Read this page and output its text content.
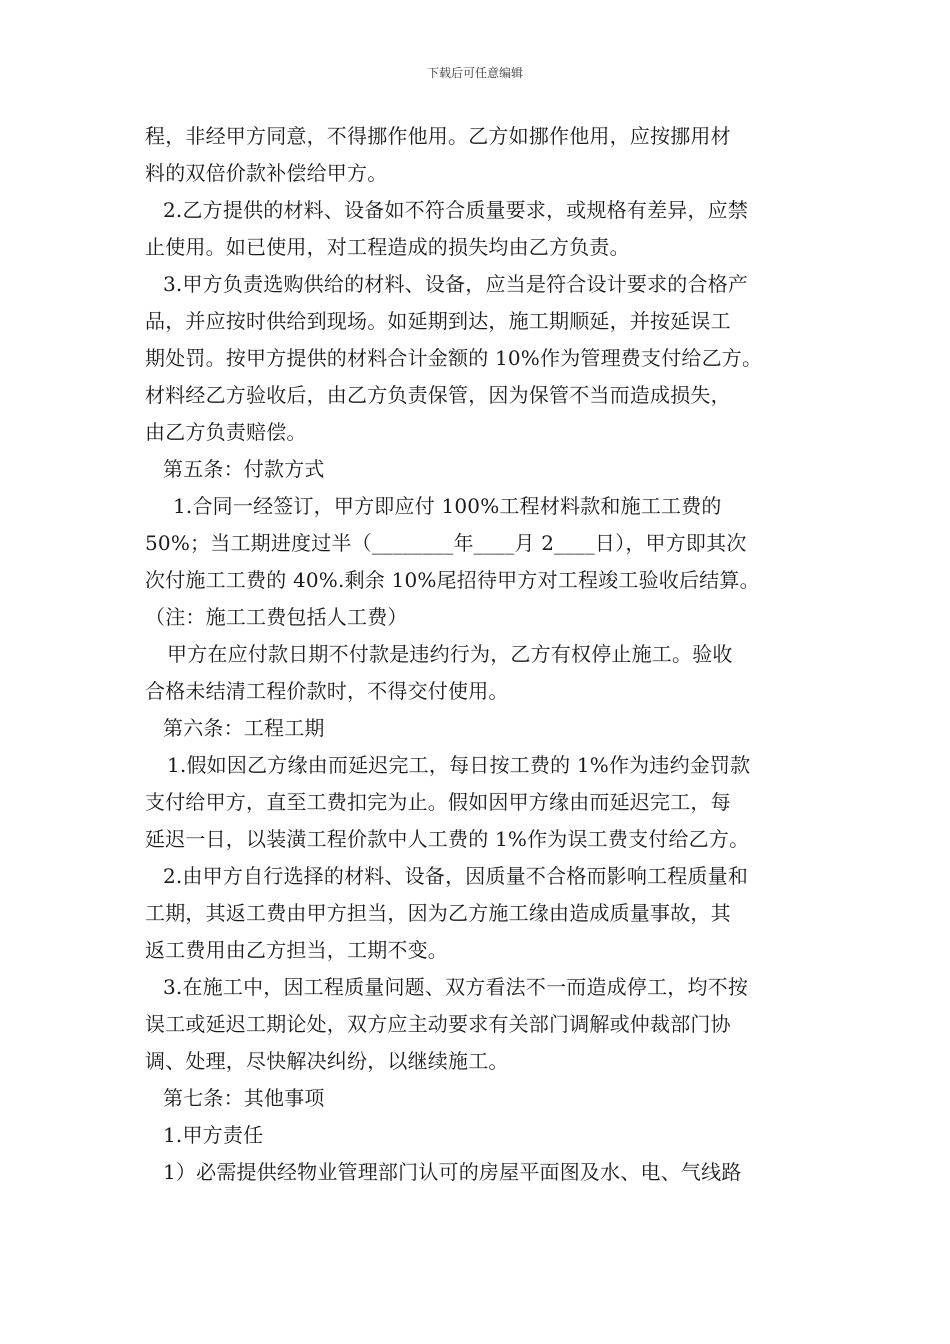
下载后可任意编辑
程，非经甲方同意，不得挪作他用。乙方如挪作他用，应按挪用材
料的双倍价款补偿给甲方。
2.乙方提供的材料、设备如不符合质量要求，或规格有差异，应禁
止使用。如已使用，对工程造成的损失均由乙方负责。
3.甲方负责选购供给的材料、设备，应当是符合设计要求的合格产
品，并应按时供给到现场。如延期到达，施工期顺延，并按延误工
期处罚。按甲方提供的材料合计金额的 10%作为管理费支付给乙方。
材料经乙方验收后，由乙方负责保管，因为保管不当而造成损失，
由乙方负责赔偿。
第五条：付款方式
1.合同一经签订，甲方即应付 100%工程材料款和施工工费的
50%；当工期进度过半（________年____月 2____日），甲方即其次
次付施工工费的 40%.剩余 10%尾招待甲方对工程竣工验收后结算。
（注：施工工费包括人工费）
甲方在应付款日期不付款是违约行为，乙方有权停止施工。验收
合格未结清工程价款时，不得交付使用。
第六条：工程工期
1.假如因乙方缘由而延迟完工，每日按工费的 1%作为违约金罚款
支付给甲方，直至工费扣完为止。假如因甲方缘由而延迟完工，每
延迟一日，以装潢工程价款中人工费的 1%作为误工费支付给乙方。
2.由甲方自行选择的材料、设备，因质量不合格而影响工程质量和
工期，其返工费由甲方担当，因为乙方施工缘由造成质量事故，其
返工费用由乙方担当，工期不变。
3.在施工中，因工程质量问题、双方看法不一而造成停工，均不按
误工或延迟工期论处，双方应主动要求有关部门调解或仲裁部门协
调、处理，尽快解决纠纷，以继续施工。
第七条：其他事项
1.甲方责任
1）必需提供经物业管理部门认可的房屋平面图及水、电、气线路
